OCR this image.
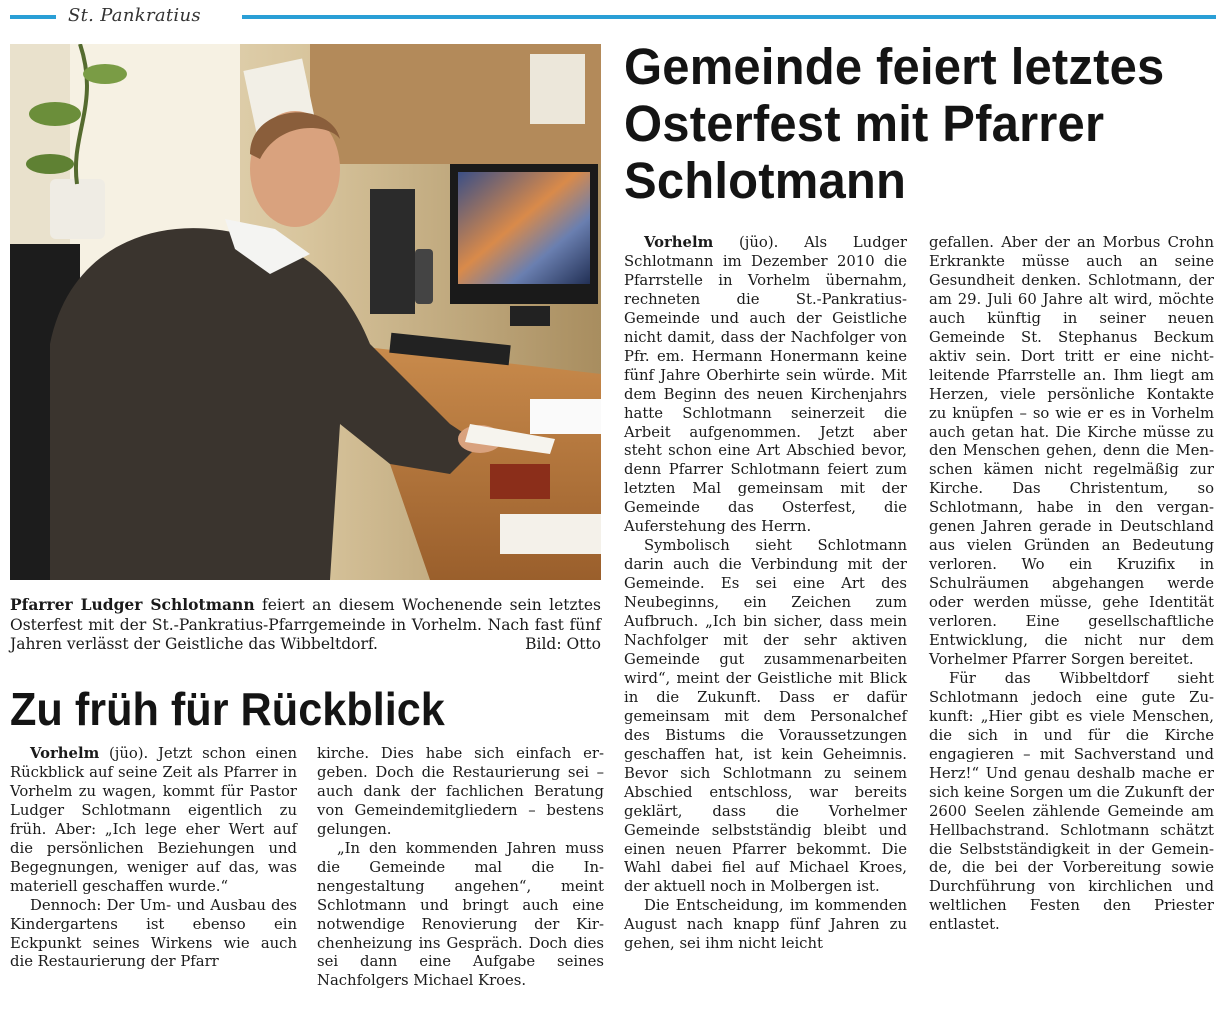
St. Pankratius
Pfarrer Ludger Schlotmann feiert an diesem Wochenende sein letztes Osterfest mit der St.-Pankratius-Pfarrgemeinde in Vorhelm. Nach fast fünf Jahren verlässt der Geistliche das Wibbeltdorf.	Bild: Otto
Gemeinde feiert letztes Osterfest mit Pfarrer Schlotmann

Vorhelm (jüo). Als Ludger Schlotmann im Dezember 2010 die Pfarrstelle in Vorhelm übernahm, rechneten die St.-Pankratius-Gemeinde und auch der Geistliche nicht damit, dass der Nachfolger von Pfr. em. Hermann Honermann keine fünf Jahre Oberhirte sein würde. Mit dem Beginn des neuen Kirchenjahrs hatte Schlotmann seinerzeit die Arbeit aufgenommen. Jetzt aber steht schon eine Art Abschied bevor, denn Pfarrer Schlotmann feiert zum letzten Mal gemeinsam mit der Gemeinde das Osterfest, die Auferstehung des Herrn.

Symbolisch sieht Schlotmann darin auch die Verbindung mit der Gemeinde. Es sei eine Art des Neubeginns, ein Zeichen zum Aufbruch. „Ich bin sicher, dass mein Nachfolger mit der sehr aktiven Gemeinde gut zusammenarbeiten wird“, meint der Geistliche mit Blick in die Zukunft. Dass er dafür gemeinsam mit dem Personalchef des Bistums die Voraussetzungen geschaffen hat, ist kein Geheimnis. Bevor sich Schlotmann zu seinem Abschied entschloss, war bereits geklärt, dass die Vorhelmer Gemeinde selbstständig bleibt und einen neuen Pfarrer bekommt. Die Wahl dabei fiel auf Michael Kroes, der aktuell noch in Molbergen ist.

Die Entscheidung, im kommenden August nach knapp fünf Jahren zu gehen, sei ihm nicht leicht

gefallen. Aber der an Morbus Crohn Erkrankte müsse auch an seine Gesundheit denken. Schlotmann, der am 29. Juli 60 Jahre alt wird, möchte auch künftig in seiner neuen Gemeinde St. Stephanus Beckum aktiv sein. Dort tritt er eine nicht-leitende Pfarrstelle an. Ihm liegt am Herzen, viele persönliche Kontakte zu knüpfen – so wie er es in Vorhelm auch getan hat. Die Kirche müsse zu den Menschen gehen, denn die Menschen kämen nicht regelmäßig zur Kirche. Das Christentum, so Schlotmann, habe in den vergangenen Jahren gerade in Deutschland aus vielen Gründen an Bedeutung verloren. Wo ein Kruzifix in Schulräumen abgehangen werde oder werden müsse, gehe Identität verloren. Eine gesellschaftliche Entwicklung, die nicht nur dem Vorhelmer Pfarrer Sorgen bereitet.

Für das Wibbeltdorf sieht Schlotmann jedoch eine gute Zukunft: „Hier gibt es viele Menschen, die sich in und für die Kirche engagieren – mit Sachverstand und Herz!“ Und genau deshalb mache er sich keine Sorgen um die Zukunft der 2600 Seelen zählende Gemeinde am Hellbachstrand. Schlotmann schätzt die Selbstständigkeit in der Gemeinde, die bei der Vorbereitung sowie Durchführung von kirchlichen und weltlichen Festen den Priester entlastet.

Zu früh für Rückblick

Vorhelm (jüo). Jetzt schon einen Rückblick auf seine Zeit als Pfarrer in Vorhelm zu wagen, kommt für Pastor Ludger Schlotmann eigentlich zu früh. Aber: „Ich lege eher Wert auf die persönlichen Beziehungen und Begegnungen, weniger auf das, was materiell geschaffen wurde.“

Dennoch: Der Um- und Ausbau des Kindergartens ist ebenso ein Eckpunkt seines Wirkens wie auch die Restaurierung der Pfarr

kirche. Dies habe sich einfach ergeben. Doch die Restaurierung sei – auch dank der fachlichen Beratung von Gemeindemitgliedern – bestens gelungen.

„In den kommenden Jahren muss die Gemeinde mal die Innengestaltung angehen“, meint Schlotmann und bringt auch eine notwendige Renovierung der Kirchenheizung ins Gespräch. Doch dies sei dann eine Aufgabe seines Nachfolgers Michael Kroes.
